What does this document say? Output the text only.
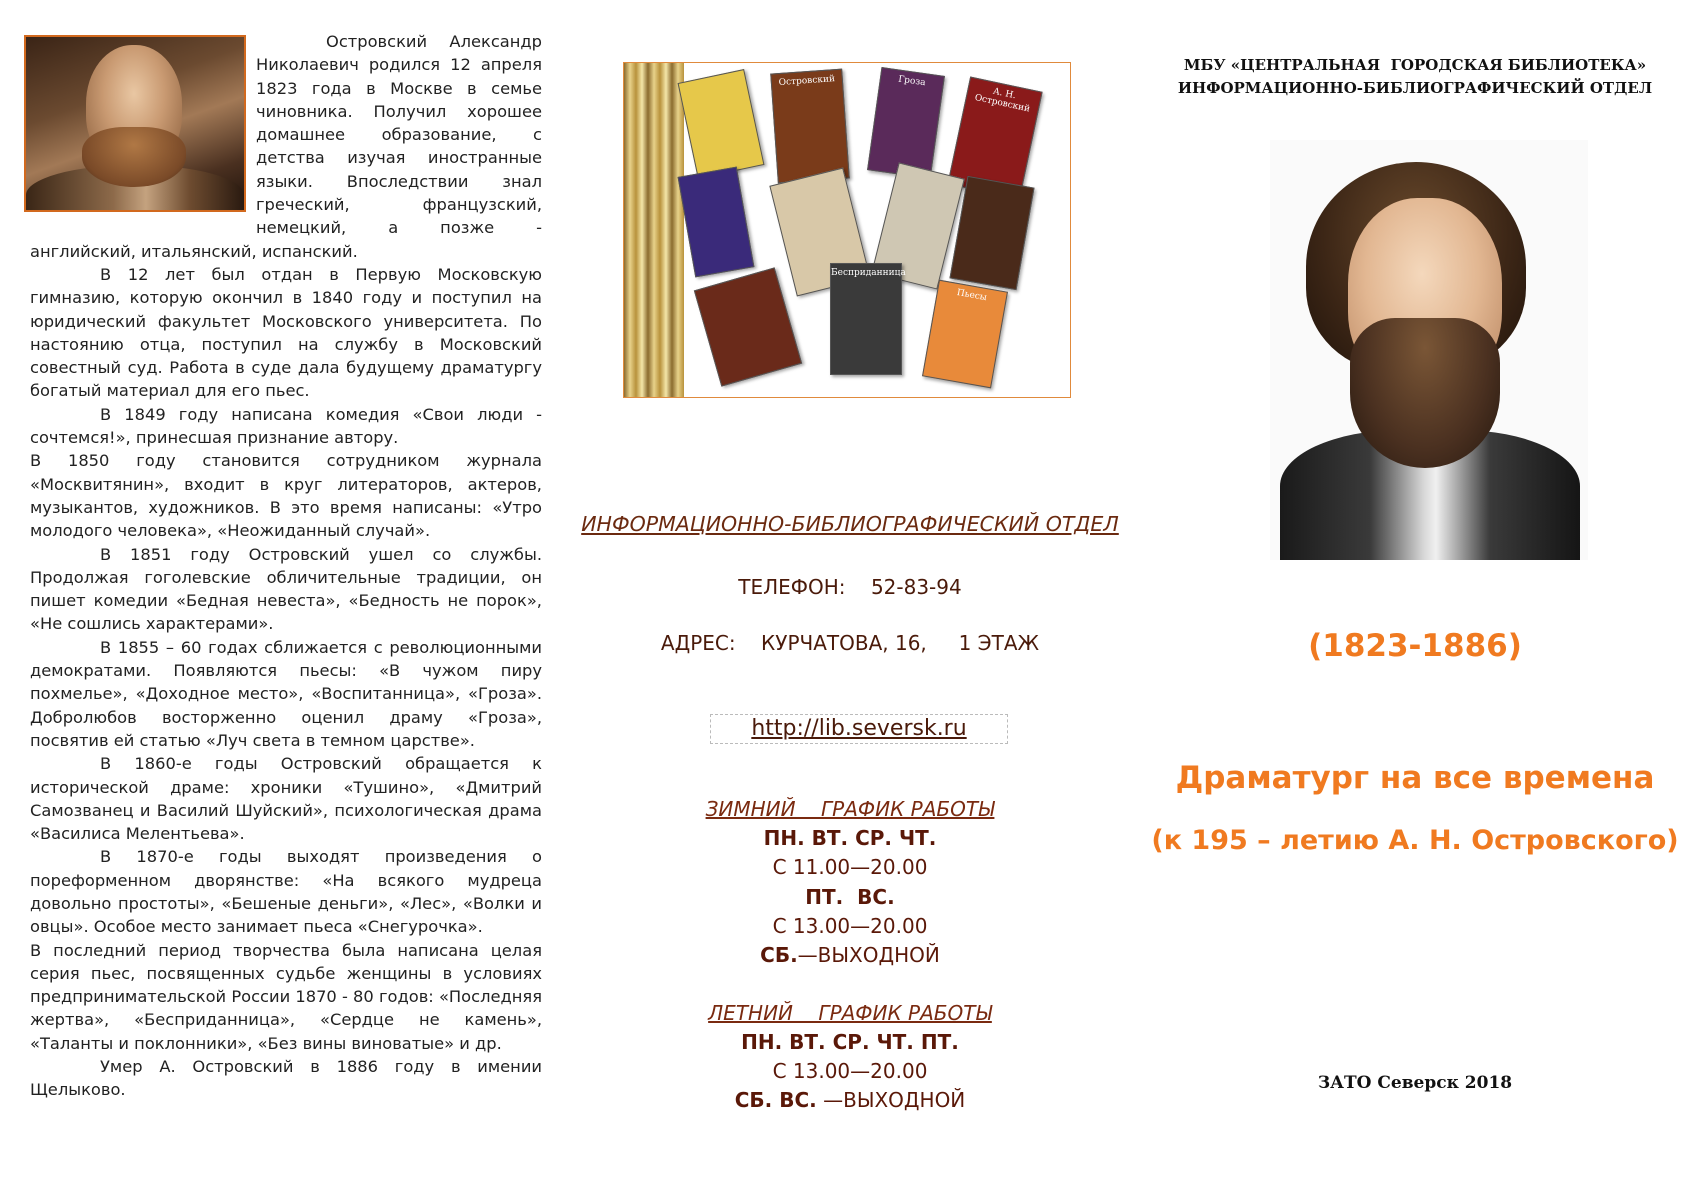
Островский Александр Николаевич родился 12 апреля 1823 года в Москве в семье чиновника. Получил хорошее домашнее образование, с детства изучая иностранные языки. Впоследствии знал греческий, французский, немецкий, а позже - английский, итальянский, испанский.

В 12 лет был отдан в Первую Московскую гимназию, которую окончил в 1840 году и поступил на юридический факультет Московского университета. По настоянию отца, поступил на службу в Московский совестный суд. Работа в суде дала будущему драматургу богатый материал для его пьес.

В 1849 году написана комедия «Свои люди - сочтемся!», принесшая признание автору.

В 1850 году становится сотрудником журнала «Москвитянин», входит в круг литераторов, актеров, музыкантов, художников. В это время написаны: «Утро молодого человека», «Неожиданный случай».

В 1851 году Островский ушел со службы. Продолжая гоголевские обличительные традиции, он пишет комедии «Бедная невеста», «Бедность не порок», «Не сошлись характерами».

В 1855 – 60 годах сближается с революционными демократами. Появляются пьесы: «В чужом пиру похмелье», «Доходное место», «Воспитанница», «Гроза». Добролюбов восторженно оценил драму «Гроза», посвятив ей статью «Луч света в темном царстве».

В 1860-е годы Островский обращается к исторической драме: хроники «Тушино», «Дмитрий Самозванец и Василий Шуйский», психологическая драма «Василиса Мелентьева».

В 1870-е годы выходят произведения о пореформенном дворянстве: «На всякого мудреца довольно простоты», «Бешеные деньги», «Лес», «Волки и овцы». Особое место занимает пьеса «Снегурочка».

В последний период творчества была написана целая серия пьес, посвященных судьбе женщины в условиях предпринимательской России 1870 - 80 годов: «Последняя жертва», «Бесприданница», «Сердце не камень», «Таланты и поклонники», «Без вины виноватые» и др.

Умер А. Островский в 1886 году в имении Щелыково.

Островский	Гроза
А. Н. Островский
Бесприданница
Пьесы
ИНФОРМАЦИОННО-БИБЛИОГРАФИЧЕСКИЙ ОТДЕЛ
ТЕЛЕФОН:    52-83-94
АДРЕС:    КУРЧАТОВА, 16,     1 ЭТАЖ
http://lib.seversk.ru
ЗИМНИЙ    ГРАФИК РАБОТЫ
ПН. ВТ. СР. ЧТ.
С 11.00—20.00
ПТ.  ВС.
С 13.00—20.00
СБ.—ВЫХОДНОЙ
ЛЕТНИЙ    ГРАФИК РАБОТЫ
ПН. ВТ. СР. ЧТ. ПТ.
С 13.00—20.00
СБ. ВС. —ВЫХОДНОЙ
МБУ «ЦЕНТРАЛЬНАЯ  ГОРОДСКАЯ БИБЛИОТЕКА»
ИНФОРМАЦИОННО-БИБЛИОГРАФИЧЕСКИЙ ОТДЕЛ
(1823-1886)
Драматург на все времена
(к 195 – летию А. Н. Островского)
ЗАТО Северск 2018
